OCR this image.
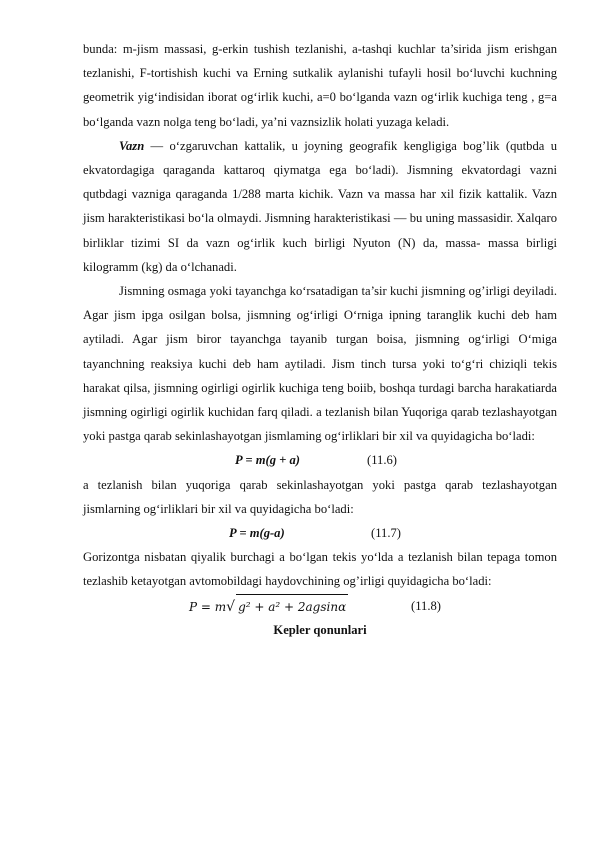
bunda: m-jism massasi, g-erkin tushish tezlanishi, a-tashqi kuchlar ta’sirida jism erishgan tezlanishi, F-tortishish kuchi va Erning sutkalik aylanishi tufayli hosil bo‘luvchi kuchning geometrik yig‘indisidan iborat og‘irlik kuchi, a=0 bo‘lganda vazn og‘irlik kuchiga teng , g=a bo‘lganda vazn nolga teng bo‘ladi, ya’ni vaznsizlik holati yuzaga keladi.

Vazn — o‘zgaruvchan kattalik, u joyning geografik kengligiga bog’lik (qutbda u ekvatordagiga qaraganda kattaroq qiymatga ega bo‘ladi). Jismning ekvatordagi vazni qutbdagi vazniga qaraganda 1/288 marta kichik. Vazn va massa har xil fizik kattalik. Vazn jism harakteristikasi bo‘la olmaydi. Jismning harakteristikasi — bu uning massasidir. Xalqaro birliklar tizimi SI da vazn og‘irlik kuch birligi Nyuton (N) da, massa- massa birligi kilogramm (kg) da o‘lchanadi.

Jismning osmaga yoki tayanchga ko‘rsatadigan ta’sir kuchi jismning og’irligi deyiladi. Agar jism ipga osilgan bolsa, jismning og‘irligi O‘rniga ipning taranglik kuchi deb ham aytiladi. Agar jism biror tayanchga tayanib turgan boisa, jismning og‘irligi O‘miga tayanchning reaksiya kuchi deb ham aytiladi. Jism tinch tursa yoki to‘g‘ri chiziqli tekis harakat qilsa, jismning ogirligi ogirlik kuchiga teng boiib, boshqa turdagi barcha harakatiarda jismning ogirligi ogirlik kuchidan farq qiladi. a tezlanish bilan Yuqoriga qarab tezlashayotgan yoki pastga qarab sekinlashayotgan jismlaming og‘irliklari bir xil va quyidagicha bo‘ladi:

P = m(g + a)	(11.6)

a tezlanish bilan yuqoriga qarab sekinlashayotgan yoki pastga qarab tezlashayotgan jismlarning og‘irliklari bir xil va quyidagicha bo‘ladi:

P = m(g-a)	(11.7)

Gorizontga nisbatan qiyalik burchagi a bo‘lgan tekis yo‘lda a tezlanish bilan tepaga tomon tezlashib ketayotgan avtomobildagi haydovchining og’irligi quyidagicha bo‘ladi:

P = m√ g² + a² + 2agsinα	(11.8)

Kepler qonunlari
